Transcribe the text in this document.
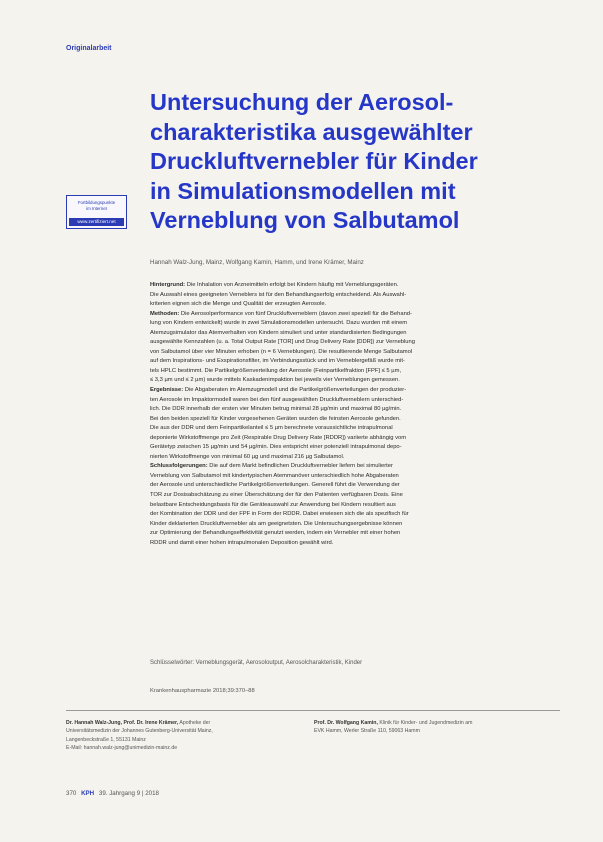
Originalarbeit
Untersuchung der Aerosol-
charakteristika ausgewählter
Druckluftvernebler für Kinder
in Simulationsmodellen mit
Verneblung von Salbutamol
Fortbildungspunkte
im Internet
www.zertifiziert.net
Hannah Walz-Jung, Mainz, Wolfgang Kamin, Hamm, und Irene Krämer, Mainz

Hintergrund: Die Inhalation von Arzneimitteln erfolgt bei Kindern häufig mit Verneblungsgeräten.

Die Auswahl eines geeigneten Verneblers ist für den Behandlungserfolg entscheidend. Als Auswahl-

kriterien eignen sich die Menge und Qualität der erzeugten Aerosole.

Methoden: Die Aerosolperformance von fünf Druckluftverneblern (davon zwei speziell für die Behand-

lung von Kindern entwickelt) wurde in zwei Simulationsmodellen untersucht. Dazu wurden mit einem

Atemzugsimulator das Atemverhalten von Kindern simuliert und unter standardisierten Bedingungen

ausgewählte Kennzahlen (u. a. Total Output Rate [TOR] und Drug Delivery Rate [DDR]) zur Verneblung

von Salbutamol über vier Minuten erhoben (n = 6 Verneblungen). Die resultierende Menge Salbutamol

auf dem Inspirations- und Exspirationsfilter, im Verbindungsstück und im Verneblergefäß wurde mit-

tels HPLC bestimmt. Die Partikelgrößenverteilung der Aerosole (Feinpartikelfraktion [FPF] ≤ 5 µm,

≤ 3,3 µm und ≤ 2 µm) wurde mittels Kaskadenimpaktion bei jeweils vier Verneblungen gemessen.

Ergebnisse: Die Abgaberaten im Atemzugmodell und die Partikelgrößenverteilungen der produzier-

ten Aerosole im Impaktormodell waren bei den fünf ausgewählten Druckluftverneblern unterschied-

lich. Die DDR innerhalb der ersten vier Minuten betrug minimal 28 µg/min und maximal 80 µg/min.

Bei den beiden speziell für Kinder vorgesehenen Geräten wurden die feinsten Aerosole gefunden.

Die aus der DDR und dem Feinpartikelanteil ≤ 5 µm berechnete voraussichtliche intrapulmonal

deponierte Wirkstoffmenge pro Zeit (Respirable Drug Delivery Rate [RDDR]) variierte abhängig vom

Gerätetyp zwischen 15 µg/min und 54 µg/min. Dies entspricht einer potenziell intrapulmonal depo-

nierten Wirkstoffmenge von minimal 60 µg und maximal 216 µg Salbutamol.

Schlussfolgerungen: Die auf dem Markt befindlichen Druckluftvernebler liefern bei simulierter

Verneblung von Salbutamol mit kindertypischen Atemmanöver unterschiedlich hohe Abgaberaten

der Aerosole und unterschiedliche Partikelgrößenverteilungen. Generell führt die Verwendung der

TOR zur Dosisabschätzung zu einer Überschätzung der für den Patienten verfügbaren Dosis. Eine

belastbare Entscheidungsbasis für die Geräteauswahl zur Anwendung bei Kindern resultiert aus

der Kombination der DDR und der FPF in Form der RDDR. Dabei erwiesen sich die als spezifisch für

Kinder deklarierten Druckluftvernebler als am geeignetsten. Die Untersuchungsergebnisse können

zur Optimierung der Behandlungseffektivität genutzt werden, indem ein Vernebler mit einer hohen

RDDR und damit einer hohen intrapulmonalen Deposition gewählt wird.

Schlüsselwörter: Verneblungsgerät, Aerosoloutput, Aerosolcharakteristik, Kinder
Krankenhauspharmazie 2018;39:370–88

Dr. Hannah Walz-Jung, Prof. Dr. Irene Krämer, Apotheke der

Universitätsmedizin der Johannes Gutenberg-Universität Mainz,

Langenbeckstraße 1, 55131 Mainz

E-Mail: hannah.walz-jung@unimedizin-mainz.de

Prof. Dr. Wolfgang Kamin, Klinik für Kinder- und Jugendmedizin am

EVK Hamm, Werler Straße 110, 59063 Hamm

370 KPH 39. Jahrgang 9 | 2018
